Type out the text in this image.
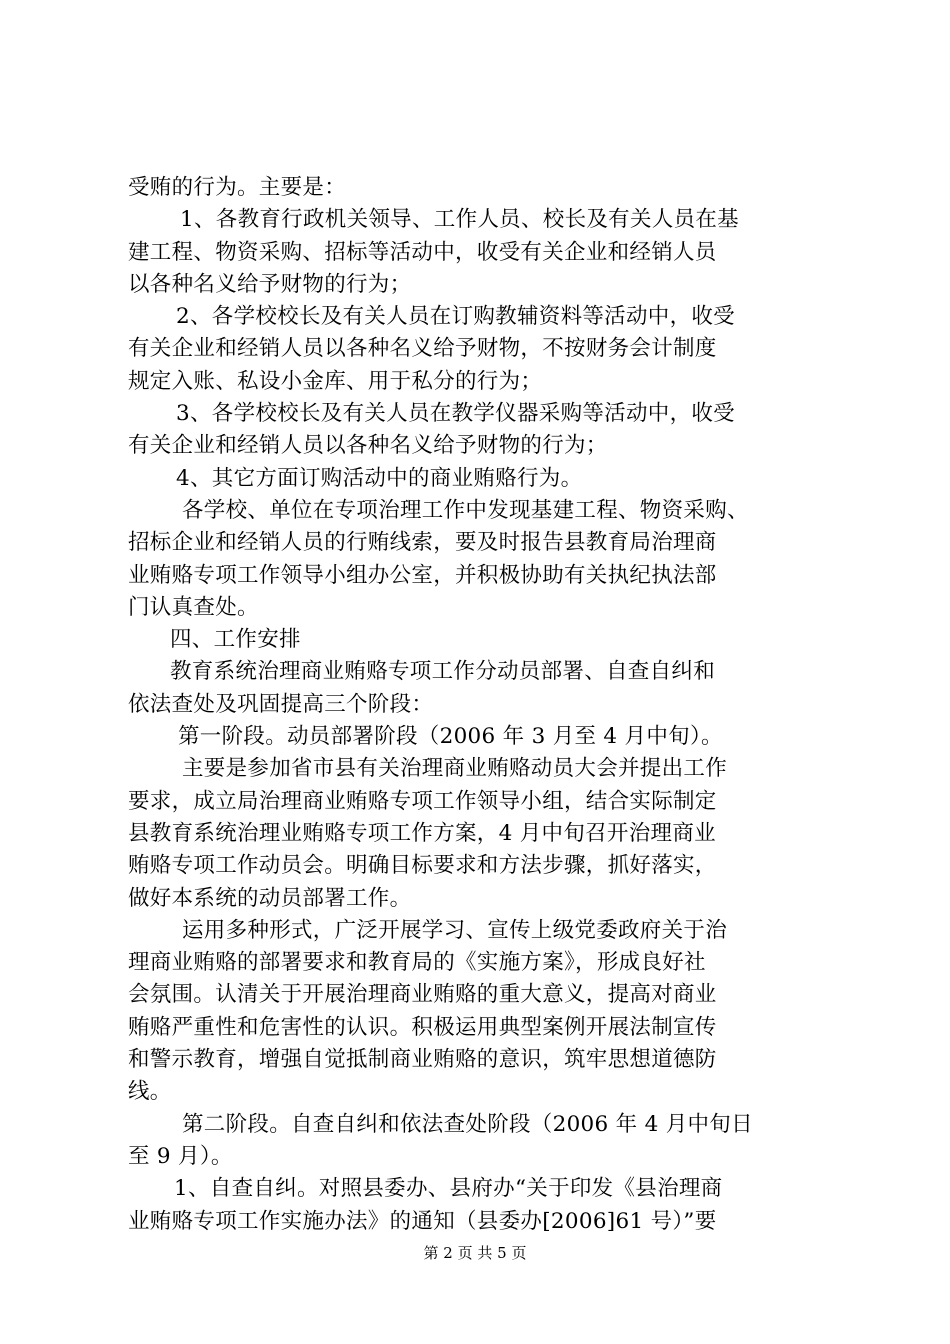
受贿的行为。主要是：
1、各教育行政机关领导、工作人员、校长及有关人员在基
建工程、物资采购、招标等活动中，收受有关企业和经销人员
以各种名义给予财物的行为；
2、各学校校长及有关人员在订购教辅资料等活动中，收受
有关企业和经销人员以各种名义给予财物，不按财务会计制度
规定入账、私设小金库、用于私分的行为；
3、各学校校长及有关人员在教学仪器采购等活动中，收受
有关企业和经销人员以各种名义给予财物的行为；
4、其它方面订购活动中的商业贿赂行为。
各学校、单位在专项治理工作中发现基建工程、物资采购、
招标企业和经销人员的行贿线索，要及时报告县教育局治理商
业贿赂专项工作领导小组办公室，并积极协助有关执纪执法部
门认真查处。
四、工作安排
教育系统治理商业贿赂专项工作分动员部署、自查自纠和
依法查处及巩固提高三个阶段：
第一阶段。动员部署阶段（2006 年 3 月至 4 月中旬）。
主要是参加省市县有关治理商业贿赂动员大会并提出工作
要求，成立局治理商业贿赂专项工作领导小组，结合实际制定
县教育系统治理业贿赂专项工作方案，4 月中旬召开治理商业
贿赂专项工作动员会。明确目标要求和方法步骤，抓好落实，
做好本系统的动员部署工作。
运用多种形式，广泛开展学习、宣传上级党委政府关于治
理商业贿赂的部署要求和教育局的《实施方案》，形成良好社
会氛围。认清关于开展治理商业贿赂的重大意义，提高对商业
贿赂严重性和危害性的认识。积极运用典型案例开展法制宣传
和警示教育，增强自觉抵制商业贿赂的意识，筑牢思想道德防
线。
第二阶段。自查自纠和依法查处阶段（2006 年 4 月中旬日
至 9 月）。
1、自查自纠。对照县委办、县府办“关于印发《县治理商
业贿赂专项工作实施办法》的通知（县委办[2006]61 号）”要
第 2 页 共 5 页
